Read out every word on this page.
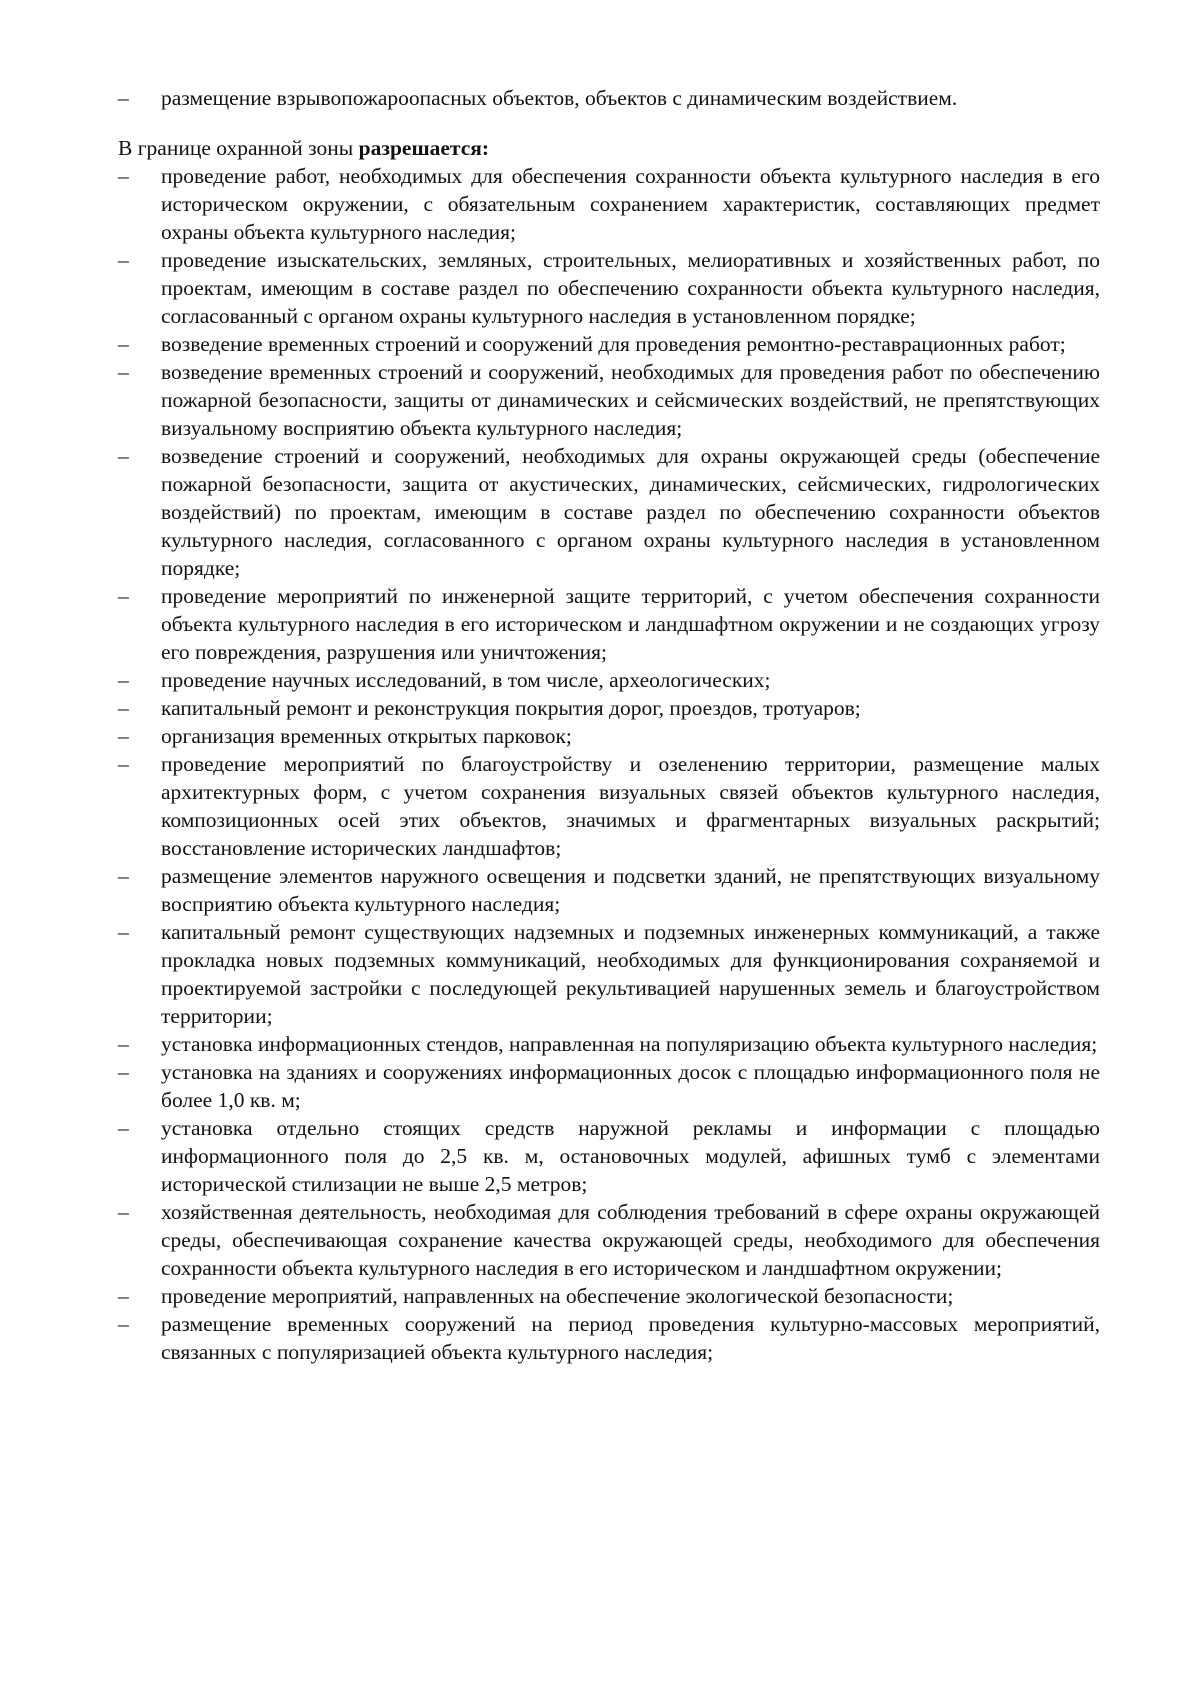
–	размещение взрывопожароопасных объектов, объектов с динамическим воздействием.

В границе охранной зоны разрешается:

–	проведение работ, необходимых для обеспечения сохранности объекта культурного наследия в его историческом окружении, с обязательным сохранением характеристик, составляющих предмет охраны объекта культурного наследия;
–	проведение изыскательских, земляных, строительных, мелиоративных и хозяйственных работ, по проектам, имеющим в составе раздел по обеспечению сохранности объекта культурного наследия, согласованный с органом охраны культурного наследия в установленном порядке;
–	возведение временных строений и сооружений для проведения ремонтно-реставрационных работ;
–	возведение временных строений и сооружений, необходимых для проведения работ по обеспечению пожарной безопасности, защиты от динамических и сейсмических воздействий, не препятствующих визуальному восприятию объекта культурного наследия;
–	возведение строений и сооружений, необходимых для охраны окружающей среды (обеспечение пожарной безопасности, защита от акустических, динамических, сейсмических, гидрологических воздействий) по проектам, имеющим в составе раздел по обеспечению сохранности объектов культурного наследия, согласованного с органом охраны культурного наследия в установленном порядке;
–	проведение мероприятий по инженерной защите территорий, с учетом обеспечения сохранности объекта культурного наследия в его историческом и ландшафтном окружении и не создающих угрозу его повреждения, разрушения или уничтожения;
–	проведение научных исследований, в том числе, археологических;
–	капитальный ремонт и реконструкция покрытия дорог, проездов, тротуаров;
–	организация временных открытых парковок;
–	проведение мероприятий по благоустройству и озеленению территории, размещение малых архитектурных форм, с учетом сохранения визуальных связей объектов культурного наследия, композиционных осей этих объектов, значимых и фрагментарных визуальных раскрытий; восстановление исторических ландшафтов;
–	размещение элементов наружного освещения и подсветки зданий, не препятствующих визуальному восприятию объекта культурного наследия;
–	капитальный ремонт существующих надземных и подземных инженерных коммуникаций, а также прокладка новых подземных коммуникаций, необходимых для функционирования сохраняемой и проектируемой застройки с последующей рекультивацией нарушенных земель и благоустройством территории;
–	установка информационных стендов, направленная на популяризацию объекта культурного наследия;
–	установка на зданиях и сооружениях информационных досок с площадью информационного поля не более 1,0 кв. м;
–	установка отдельно стоящих средств наружной рекламы и информации с площадью информационного поля до 2,5 кв. м, остановочных модулей, афишных тумб с элементами исторической стилизации не выше 2,5 метров;
–	хозяйственная деятельность, необходимая для соблюдения требований в сфере охраны окружающей среды, обеспечивающая сохранение качества окружающей среды, необходимого для обеспечения сохранности объекта культурного наследия в его историческом и ландшафтном окружении;
–	проведение мероприятий, направленных на обеспечение экологической безопасности;
–	размещение временных сооружений на период проведения культурно-массовых мероприятий, связанных с популяризацией объекта культурного наследия;
